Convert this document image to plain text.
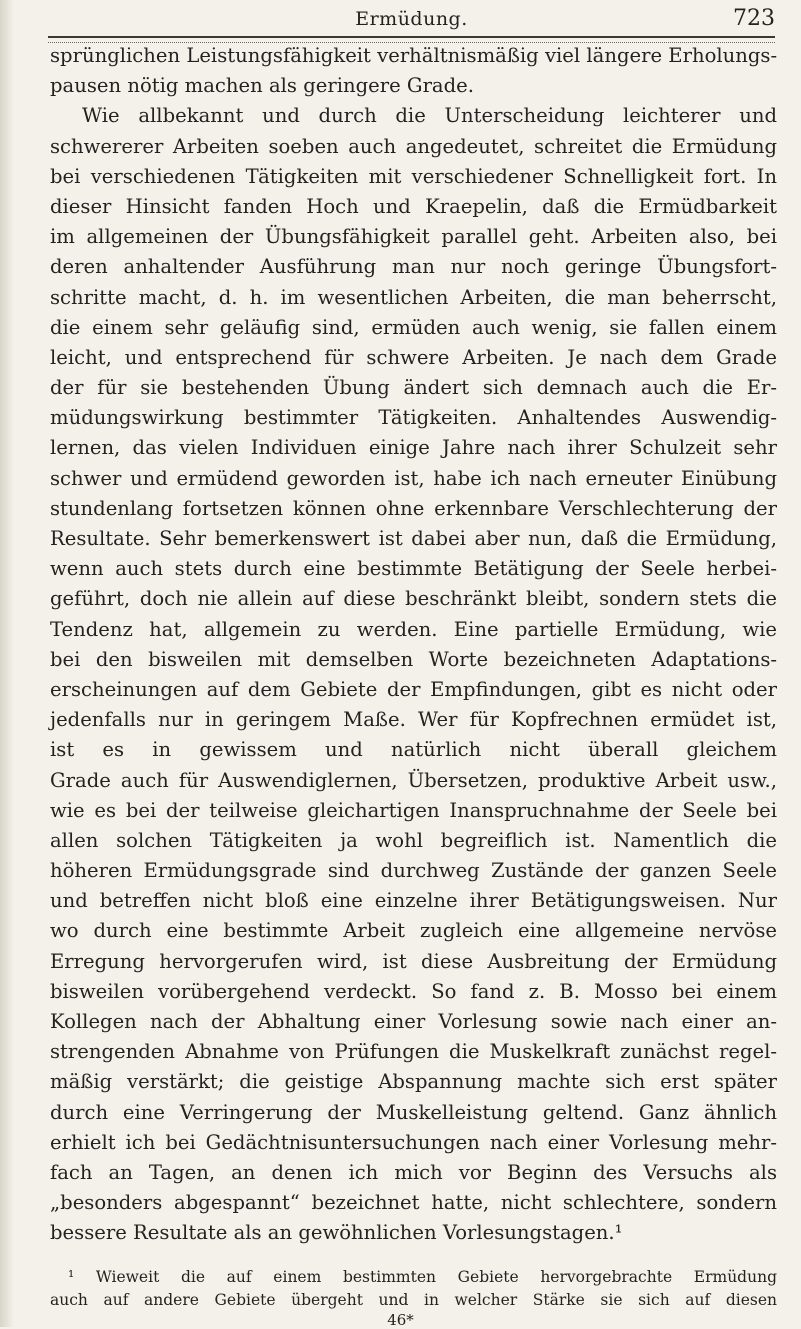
Ermüdung.	723
sprünglichen Leistungsfähigkeit verhältnismäßig viel längere Erholungs-
pausen nötig machen als geringere Grade.
Wie allbekannt und durch die Unterscheidung leichterer und
schwererer Arbeiten soeben auch angedeutet, schreitet die Ermüdung
bei verschiedenen Tätigkeiten mit verschiedener Schnelligkeit fort. In
dieser Hinsicht fanden Hoch und Kraepelin, daß die Ermüdbarkeit
im allgemeinen der Übungsfähigkeit parallel geht. Arbeiten also, bei
deren anhaltender Ausführung man nur noch geringe Übungsfort-
schritte macht, d. h. im wesentlichen Arbeiten, die man beherrscht,
die einem sehr geläufig sind, ermüden auch wenig, sie fallen einem
leicht, und entsprechend für schwere Arbeiten. Je nach dem Grade
der für sie bestehenden Übung ändert sich demnach auch die Er-
müdungswirkung bestimmter Tätigkeiten. Anhaltendes Auswendig-
lernen, das vielen Individuen einige Jahre nach ihrer Schulzeit sehr
schwer und ermüdend geworden ist, habe ich nach erneuter Einübung
stundenlang fortsetzen können ohne erkennbare Verschlechterung der
Resultate. Sehr bemerkenswert ist dabei aber nun, daß die Ermüdung,
wenn auch stets durch eine bestimmte Betätigung der Seele herbei-
geführt, doch nie allein auf diese beschränkt bleibt, sondern stets die
Tendenz hat, allgemein zu werden. Eine partielle Ermüdung, wie
bei den bisweilen mit demselben Worte bezeichneten Adaptations-
erscheinungen auf dem Gebiete der Empfindungen, gibt es nicht oder
jedenfalls nur in geringem Maße. Wer für Kopfrechnen ermüdet ist,
ist es in gewissem und natürlich nicht überall gleichem
Grade auch für Auswendiglernen, Übersetzen, produktive Arbeit usw.,
wie es bei der teilweise gleichartigen Inanspruchnahme der Seele bei
allen solchen Tätigkeiten ja wohl begreiflich ist. Namentlich die
höheren Ermüdungsgrade sind durchweg Zustände der ganzen Seele
und betreffen nicht bloß eine einzelne ihrer Betätigungsweisen. Nur
wo durch eine bestimmte Arbeit zugleich eine allgemeine nervöse
Erregung hervorgerufen wird, ist diese Ausbreitung der Ermüdung
bisweilen vorübergehend verdeckt. So fand z. B. Mosso bei einem
Kollegen nach der Abhaltung einer Vorlesung sowie nach einer an-
strengenden Abnahme von Prüfungen die Muskelkraft zunächst regel-
mäßig verstärkt; die geistige Abspannung machte sich erst später
durch eine Verringerung der Muskelleistung geltend. Ganz ähnlich
erhielt ich bei Gedächtnisuntersuchungen nach einer Vorlesung mehr-
fach an Tagen, an denen ich mich vor Beginn des Versuchs als
„besonders abgespannt“ bezeichnet hatte, nicht schlechtere, sondern
bessere Resultate als an gewöhnlichen Vorlesungstagen.¹
¹ Wieweit die auf einem bestimmten Gebiete hervorgebrachte Ermüdung
auch auf andere Gebiete übergeht und in welcher Stärke sie sich auf diesen
46*
